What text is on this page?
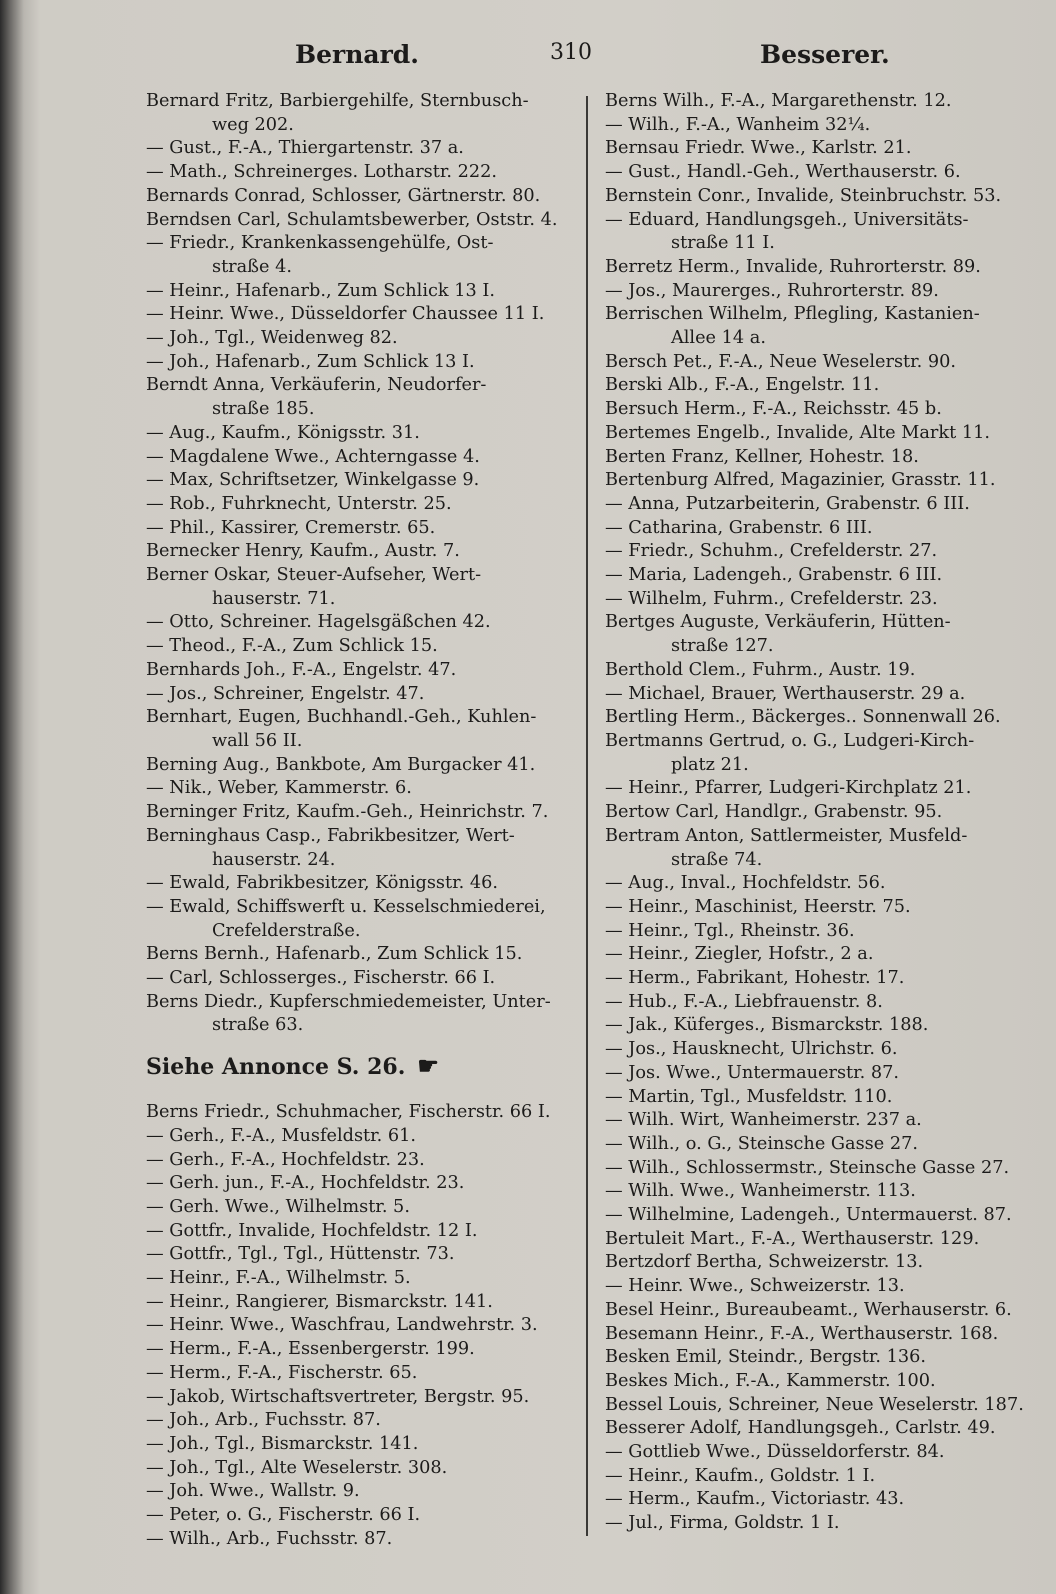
Bernard.	310	Besserer.
Bernard Fritz, Barbiergehilfe, Sternbusch-
weg 202.
— Gust., F.-A., Thiergartenstr. 37 a.
— Math., Schreinerges. Lotharstr. 222.
Bernards Conrad, Schlosser, Gärtnerstr. 80.
Berndsen Carl, Schulamtsbewerber, Oststr. 4.
— Friedr., Krankenkassengehülfe, Ost-
straße 4.
— Heinr., Hafenarb., Zum Schlick 13 I.
— Heinr. Wwe., Düsseldorfer Chaussee 11 I.
— Joh., Tgl., Weidenweg 82.
— Joh., Hafenarb., Zum Schlick 13 I.
Berndt Anna, Verkäuferin, Neudorfer-
straße 185.
— Aug., Kaufm., Königsstr. 31.
— Magdalene Wwe., Achterngasse 4.
— Max, Schriftsetzer, Winkelgasse 9.
— Rob., Fuhrknecht, Unterstr. 25.
— Phil., Kassirer, Cremerstr. 65.
Bernecker Henry, Kaufm., Austr. 7.
Berner Oskar, Steuer-Aufseher, Wert-
hauserstr. 71.
— Otto, Schreiner. Hagelsgäßchen 42.
— Theod., F.-A., Zum Schlick 15.
Bernhards Joh., F.-A., Engelstr. 47.
— Jos., Schreiner, Engelstr. 47.
Bernhart, Eugen, Buchhandl.-Geh., Kuhlen-
wall 56 II.
Berning Aug., Bankbote, Am Burgacker 41.
— Nik., Weber, Kammerstr. 6.
Berninger Fritz, Kaufm.-Geh., Heinrichstr. 7.
Berninghaus Casp., Fabrikbesitzer, Wert-
hauserstr. 24.
— Ewald, Fabrikbesitzer, Königsstr. 46.
— Ewald, Schiffswerft u. Kesselschmiederei,
Crefelderstraße.
Berns Bernh., Hafenarb., Zum Schlick 15.
— Carl, Schlosserges., Fischerstr. 66 I.
Berns Diedr., Kupferschmiedemeister, Unter-
straße 63.
Siehe Annonce S. 26. ☛
Berns Friedr., Schuhmacher, Fischerstr. 66 I.
— Gerh., F.-A., Musfeldstr. 61.
— Gerh., F.-A., Hochfeldstr. 23.
— Gerh. jun., F.-A., Hochfeldstr. 23.
— Gerh. Wwe., Wilhelmstr. 5.
— Gottfr., Invalide, Hochfeldstr. 12 I.
— Gottfr., Tgl., Tgl., Hüttenstr. 73.
— Heinr., F.-A., Wilhelmstr. 5.
— Heinr., Rangierer, Bismarckstr. 141.
— Heinr. Wwe., Waschfrau, Landwehrstr. 3.
— Herm., F.-A., Essenbergerstr. 199.
— Herm., F.-A., Fischerstr. 65.
— Jakob, Wirtschaftsvertreter, Bergstr. 95.
— Joh., Arb., Fuchsstr. 87.
— Joh., Tgl., Bismarckstr. 141.
— Joh., Tgl., Alte Weselerstr. 308.
— Joh. Wwe., Wallstr. 9.
— Peter, o. G., Fischerstr. 66 I.
— Wilh., Arb., Fuchsstr. 87.
Berns Wilh., F.-A., Margarethenstr. 12.
— Wilh., F.-A., Wanheim 32¼.
Bernsau Friedr. Wwe., Karlstr. 21.
— Gust., Handl.-Geh., Werthauserstr. 6.
Bernstein Conr., Invalide, Steinbruchstr. 53.
— Eduard, Handlungsgeh., Universitäts-
straße 11 I.
Berretz Herm., Invalide, Ruhrorterstr. 89.
— Jos., Maurerges., Ruhrorterstr. 89.
Berrischen Wilhelm, Pflegling, Kastanien-
Allee 14 a.
Bersch Pet., F.-A., Neue Weselerstr. 90.
Berski Alb., F.-A., Engelstr. 11.
Bersuch Herm., F.-A., Reichsstr. 45 b.
Bertemes Engelb., Invalide, Alte Markt 11.
Berten Franz, Kellner, Hohestr. 18.
Bertenburg Alfred, Magazinier, Grasstr. 11.
— Anna, Putzarbeiterin, Grabenstr. 6 III.
— Catharina, Grabenstr. 6 III.
— Friedr., Schuhm., Crefelderstr. 27.
— Maria, Ladengeh., Grabenstr. 6 III.
— Wilhelm, Fuhrm., Crefelderstr. 23.
Bertges Auguste, Verkäuferin, Hütten-
straße 127.
Berthold Clem., Fuhrm., Austr. 19.
— Michael, Brauer, Werthauserstr. 29 a.
Bertling Herm., Bäckerges.. Sonnenwall 26.
Bertmanns Gertrud, o. G., Ludgeri-Kirch-
platz 21.
— Heinr., Pfarrer, Ludgeri-Kirchplatz 21.
Bertow Carl, Handlgr., Grabenstr. 95.
Bertram Anton, Sattlermeister, Musfeld-
straße 74.
— Aug., Inval., Hochfeldstr. 56.
— Heinr., Maschinist, Heerstr. 75.
— Heinr., Tgl., Rheinstr. 36.
— Heinr., Ziegler, Hofstr., 2 a.
— Herm., Fabrikant, Hohestr. 17.
— Hub., F.-A., Liebfrauenstr. 8.
— Jak., Küferges., Bismarckstr. 188.
— Jos., Hausknecht, Ulrichstr. 6.
— Jos. Wwe., Untermauerstr. 87.
— Martin, Tgl., Musfeldstr. 110.
— Wilh. Wirt, Wanheimerstr. 237 a.
— Wilh., o. G., Steinsche Gasse 27.
— Wilh., Schlossermstr., Steinsche Gasse 27.
— Wilh. Wwe., Wanheimerstr. 113.
— Wilhelmine, Ladengeh., Untermauerst. 87.
Bertuleit Mart., F.-A., Werthauserstr. 129.
Bertzdorf Bertha, Schweizerstr. 13.
— Heinr. Wwe., Schweizerstr. 13.
Besel Heinr., Bureaubeamt., Werhauserstr. 6.
Besemann Heinr., F.-A., Werthauserstr. 168.
Besken Emil, Steindr., Bergstr. 136.
Beskes Mich., F.-A., Kammerstr. 100.
Bessel Louis, Schreiner, Neue Weselerstr. 187.
Besserer Adolf, Handlungsgeh., Carlstr. 49.
— Gottlieb Wwe., Düsseldorferstr. 84.
— Heinr., Kaufm., Goldstr. 1 I.
— Herm., Kaufm., Victoriastr. 43.
— Jul., Firma, Goldstr. 1 I.
